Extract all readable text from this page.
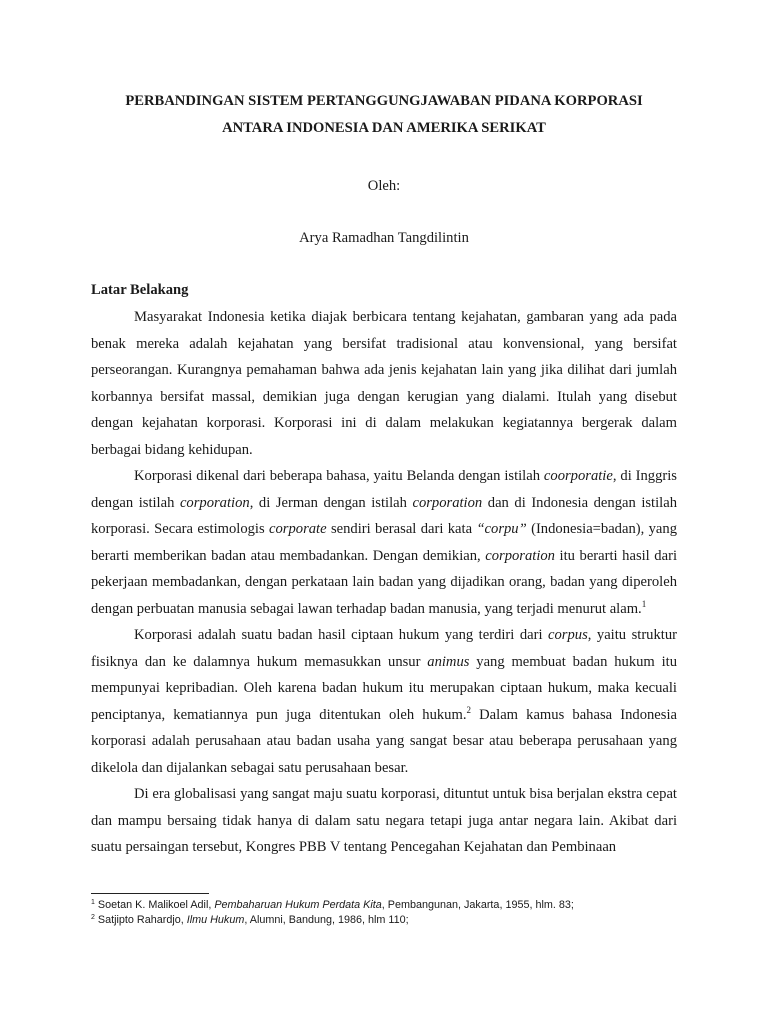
PERBANDINGAN SISTEM PERTANGGUNGJAWABAN PIDANA KORPORASI

ANTARA INDONESIA DAN AMERIKA SERIKAT

Oleh:

Arya Ramadhan Tangdilintin

Latar Belakang

Masyarakat Indonesia ketika diajak berbicara tentang kejahatan, gambaran yang ada pada benak mereka adalah kejahatan yang bersifat tradisional atau konvensional, yang bersifat perseorangan. Kurangnya pemahaman bahwa ada jenis kejahatan lain yang jika dilihat dari jumlah korbannya bersifat massal, demikian juga dengan kerugian yang dialami. Itulah yang disebut dengan kejahatan korporasi. Korporasi ini di dalam melakukan kegiatannya bergerak dalam berbagai bidang kehidupan.

Korporasi dikenal dari beberapa bahasa, yaitu Belanda dengan istilah coorporatie, di Inggris dengan istilah corporation, di Jerman dengan istilah corporation dan di Indonesia dengan istilah korporasi. Secara estimologis corporate sendiri berasal dari kata “corpu” (Indonesia=badan), yang berarti memberikan badan atau membadankan. Dengan demikian, corporation itu berarti hasil dari pekerjaan membadankan, dengan perkataan lain badan yang dijadikan orang, badan yang diperoleh dengan perbuatan manusia sebagai lawan terhadap badan manusia, yang terjadi menurut alam.$^1$

Korporasi adalah suatu badan hasil ciptaan hukum yang terdiri dari corpus, yaitu struktur fisiknya dan ke dalamnya hukum memasukkan unsur animus yang membuat badan hukum itu mempunyai kepribadian. Oleh karena badan hukum itu merupakan ciptaan hukum, maka kecuali penciptanya, kematiannya pun juga ditentukan oleh hukum.$^2$ Dalam kamus bahasa Indonesia korporasi adalah perusahaan atau badan usaha yang sangat besar atau beberapa perusahaan yang dikelola dan dijalankan sebagai satu perusahaan besar.

Di era globalisasi yang sangat maju suatu korporasi, dituntut untuk bisa berjalan ekstra cepat dan mampu bersaing tidak hanya di dalam satu negara tetapi juga antar negara lain. Akibat dari suatu persaingan tersebut, Kongres PBB V tentang Pencegahan Kejahatan dan Pembinaan

$^1$ Soetan K. Malikoel Adil, Pembaharuan Hukum Perdata Kita, Pembangunan, Jakarta, 1955, hlm. 83;

$^2$ Satjipto Rahardjo, Ilmu Hukum, Alumni, Bandung, 1986, hlm 110;
